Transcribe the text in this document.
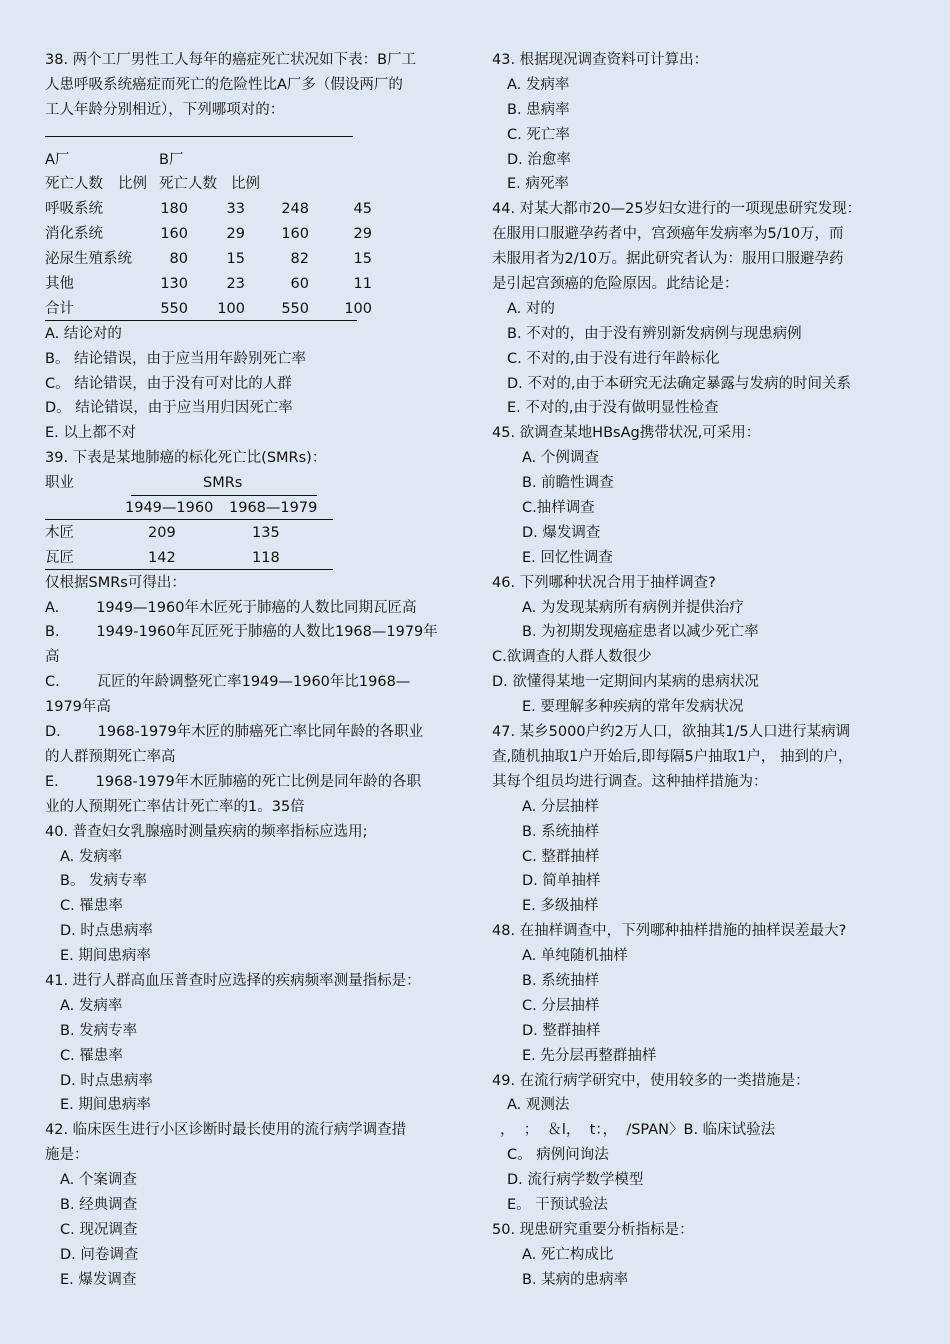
38. 两个工厂男性工人每年的癌症死亡状况如下表：B厂工
人患呼吸系统癌症而死亡的危险性比A厂多（假设两厂的
工人年龄分别相近），下列哪项对的：
A厂	B厂
死亡人数 比例 死亡人数 比例
呼吸系统	180	33	248	45
消化系统	160	29	160	29
泌尿生殖系统	80	15	82	15
其他	130	23	60	11
合计	550	100	550	100
A. 结论对的
B。 结论错误，由于应当用年龄别死亡率
C。 结论错误，由于没有可对比的人群
D。 结论错误，由于应当用归因死亡率
E. 以上都不对
39. 下表是某地肺癌的标化死亡比(SMRs)：
职业	SMRs
1949—1960 1968—1979
木匠	209	135
瓦匠	142	118
仅根据SMRs可得出：
A.        1949—1960年木匠死于肺癌的人数比同期瓦匠高
B.        1949-1960年瓦匠死于肺癌的人数比1968—1979年
高
C.        瓦匠的年龄调整死亡率1949—1960年比1968—
1979年高
D.        1968-1979年木匠的肺癌死亡率比同年龄的各职业
的人群预期死亡率高
E.        1968-1979年木匠肺癌的死亡比例是同年龄的各职
业的人预期死亡率估计死亡率的1。35倍
40. 普查妇女乳腺癌时测量疾病的频率指标应选用;
A. 发病率
B。 发病专率
C. 罹患率
D. 时点患病率
E. 期间患病率
41. 进行人群高血压普查时应选择的疾病频率测量指标是：
A. 发病率
B. 发病专率
C. 罹患率
D. 时点患病率
E. 期间患病率
42. 临床医生进行小区诊断时最长使用的流行病学调查措
施是：
A. 个案调查
B. 经典调查
C. 现况调查
D. 问卷调查
E. 爆发调查
43. 根据现况调查资料可计算出：
A. 发病率
B. 患病率
C. 死亡率
D. 治愈率
E. 病死率
44. 对某大都市20—25岁妇女进行的一项现患研究发现：
在服用口服避孕药者中，宫颈癌年发病率为5/10万，而
未服用者为2/10万。据此研究者认为：服用口服避孕药
是引起宫颈癌的危险原因。此结论是：
A. 对的
B. 不对的，由于没有辨别新发病例与现患病例
C. 不对的,由于没有进行年龄标化
D. 不对的,由于本研究无法确定暴露与发病的时间关系
E. 不对的,由于没有做明显性检查
45. 欲调查某地HBsAg携带状况,可采用：
A. 个例调查
B. 前瞻性调查
C.抽样调查
D. 爆发调查
E. 回忆性调查
46. 下列哪种状况合用于抽样调查?
A. 为发现某病所有病例并提供治疗
B. 为初期发现癌症患者以减少死亡率
C.欲调查的人群人数很少
D. 欲懂得某地一定期间内某病的患病状况
E. 要理解多种疾病的常年发病状况
47. 某乡5000户约2万人口，欲抽其1/5人口进行某病调
查,随机抽取1户开始后,即每隔5户抽取1户， 抽到的户，
其每个组员均进行调查。这种抽样措施为：
A. 分层抽样
B. 系统抽样
C. 整群抽样
D. 简单抽样
E. 多级抽样
48. 在抽样调查中，下列哪种抽样措施的抽样误差最大?
A. 单纯随机抽样
B. 系统抽样
C. 分层抽样
D. 整群抽样
E. 先分层再整群抽样
49. 在流行病学研究中，使用较多的一类措施是：
A. 观测法
，  ；  ＆l，  t：，  /SPAN〉B. 临床试验法
C。 病例问询法
D. 流行病学数学模型
E。 干预试验法
50. 现患研究重要分析指标是：
A. 死亡构成比
B. 某病的患病率
